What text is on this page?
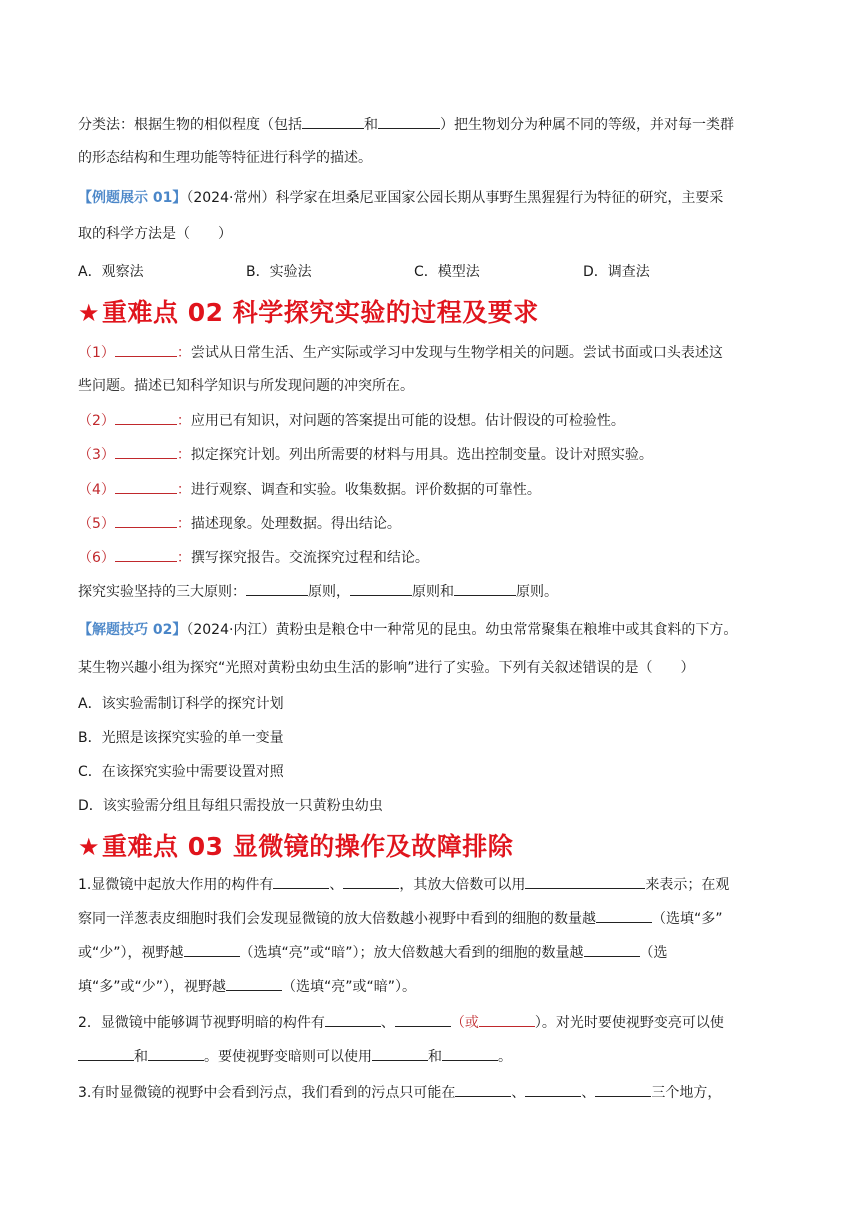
分类法：根据生物的相似程度（包括	和	）把生物划分为种属不同的等级，并对每一类群
的形态结构和生理功能等特征进行科学的描述。
【例题展示 01】（2024·常州）科学家在坦桑尼亚国家公园长期从事野生黑猩猩行为特征的研究，主要采
取的科学方法是（　　）
A．观察法	B．实验法	C．模型法	D．调查法
★重难点 02 科学探究实验的过程及要求
（1）	：尝试从日常生活、生产实际或学习中发现与生物学相关的问题。尝试书面或口头表述这
些问题。描述已知科学知识与所发现问题的冲突所在。
（2）	：应用已有知识，对问题的答案提出可能的设想。估计假设的可检验性。
（3）	：拟定探究计划。列出所需要的材料与用具。选出控制变量。设计对照实验。
（4）	：进行观察、调查和实验。收集数据。评价数据的可靠性。
（5）	：描述现象。处理数据。得出结论。
（6）	：撰写探究报告。交流探究过程和结论。
探究实验坚持的三大原则：	原则，	原则和	原则。
【解题技巧 02】（2024·内江）黄粉虫是粮仓中一种常见的昆虫。幼虫常常聚集在粮堆中或其食料的下方。
某生物兴趣小组为探究“光照对黄粉虫幼虫生活的影响”进行了实验。下列有关叙述错误的是（　　）
A．该实验需制订科学的探究计划
B．光照是该探究实验的单一变量
C．在该探究实验中需要设置对照
D．该实验需分组且每组只需投放一只黄粉虫幼虫
★重难点 03 显微镜的操作及故障排除
1.显微镜中起放大作用的构件有	、	，其放大倍数可以用	来表示；在观
察同一洋葱表皮细胞时我们会发现显微镜的放大倍数越小视野中看到的细胞的数量越	（选填“多”
或“少”），视野越	（选填“亮”或“暗”）；放大倍数越大看到的细胞的数量越	（选
填“多”或“少”），视野越	（选填“亮”或“暗”）。
2．显微镜中能够调节视野明暗的构件有	、	（或	）。对光时要使视野变亮可以使
和	。要使视野变暗则可以使用	和	。
3.有时显微镜的视野中会看到污点，我们看到的污点只可能在	、	、	三个地方，
